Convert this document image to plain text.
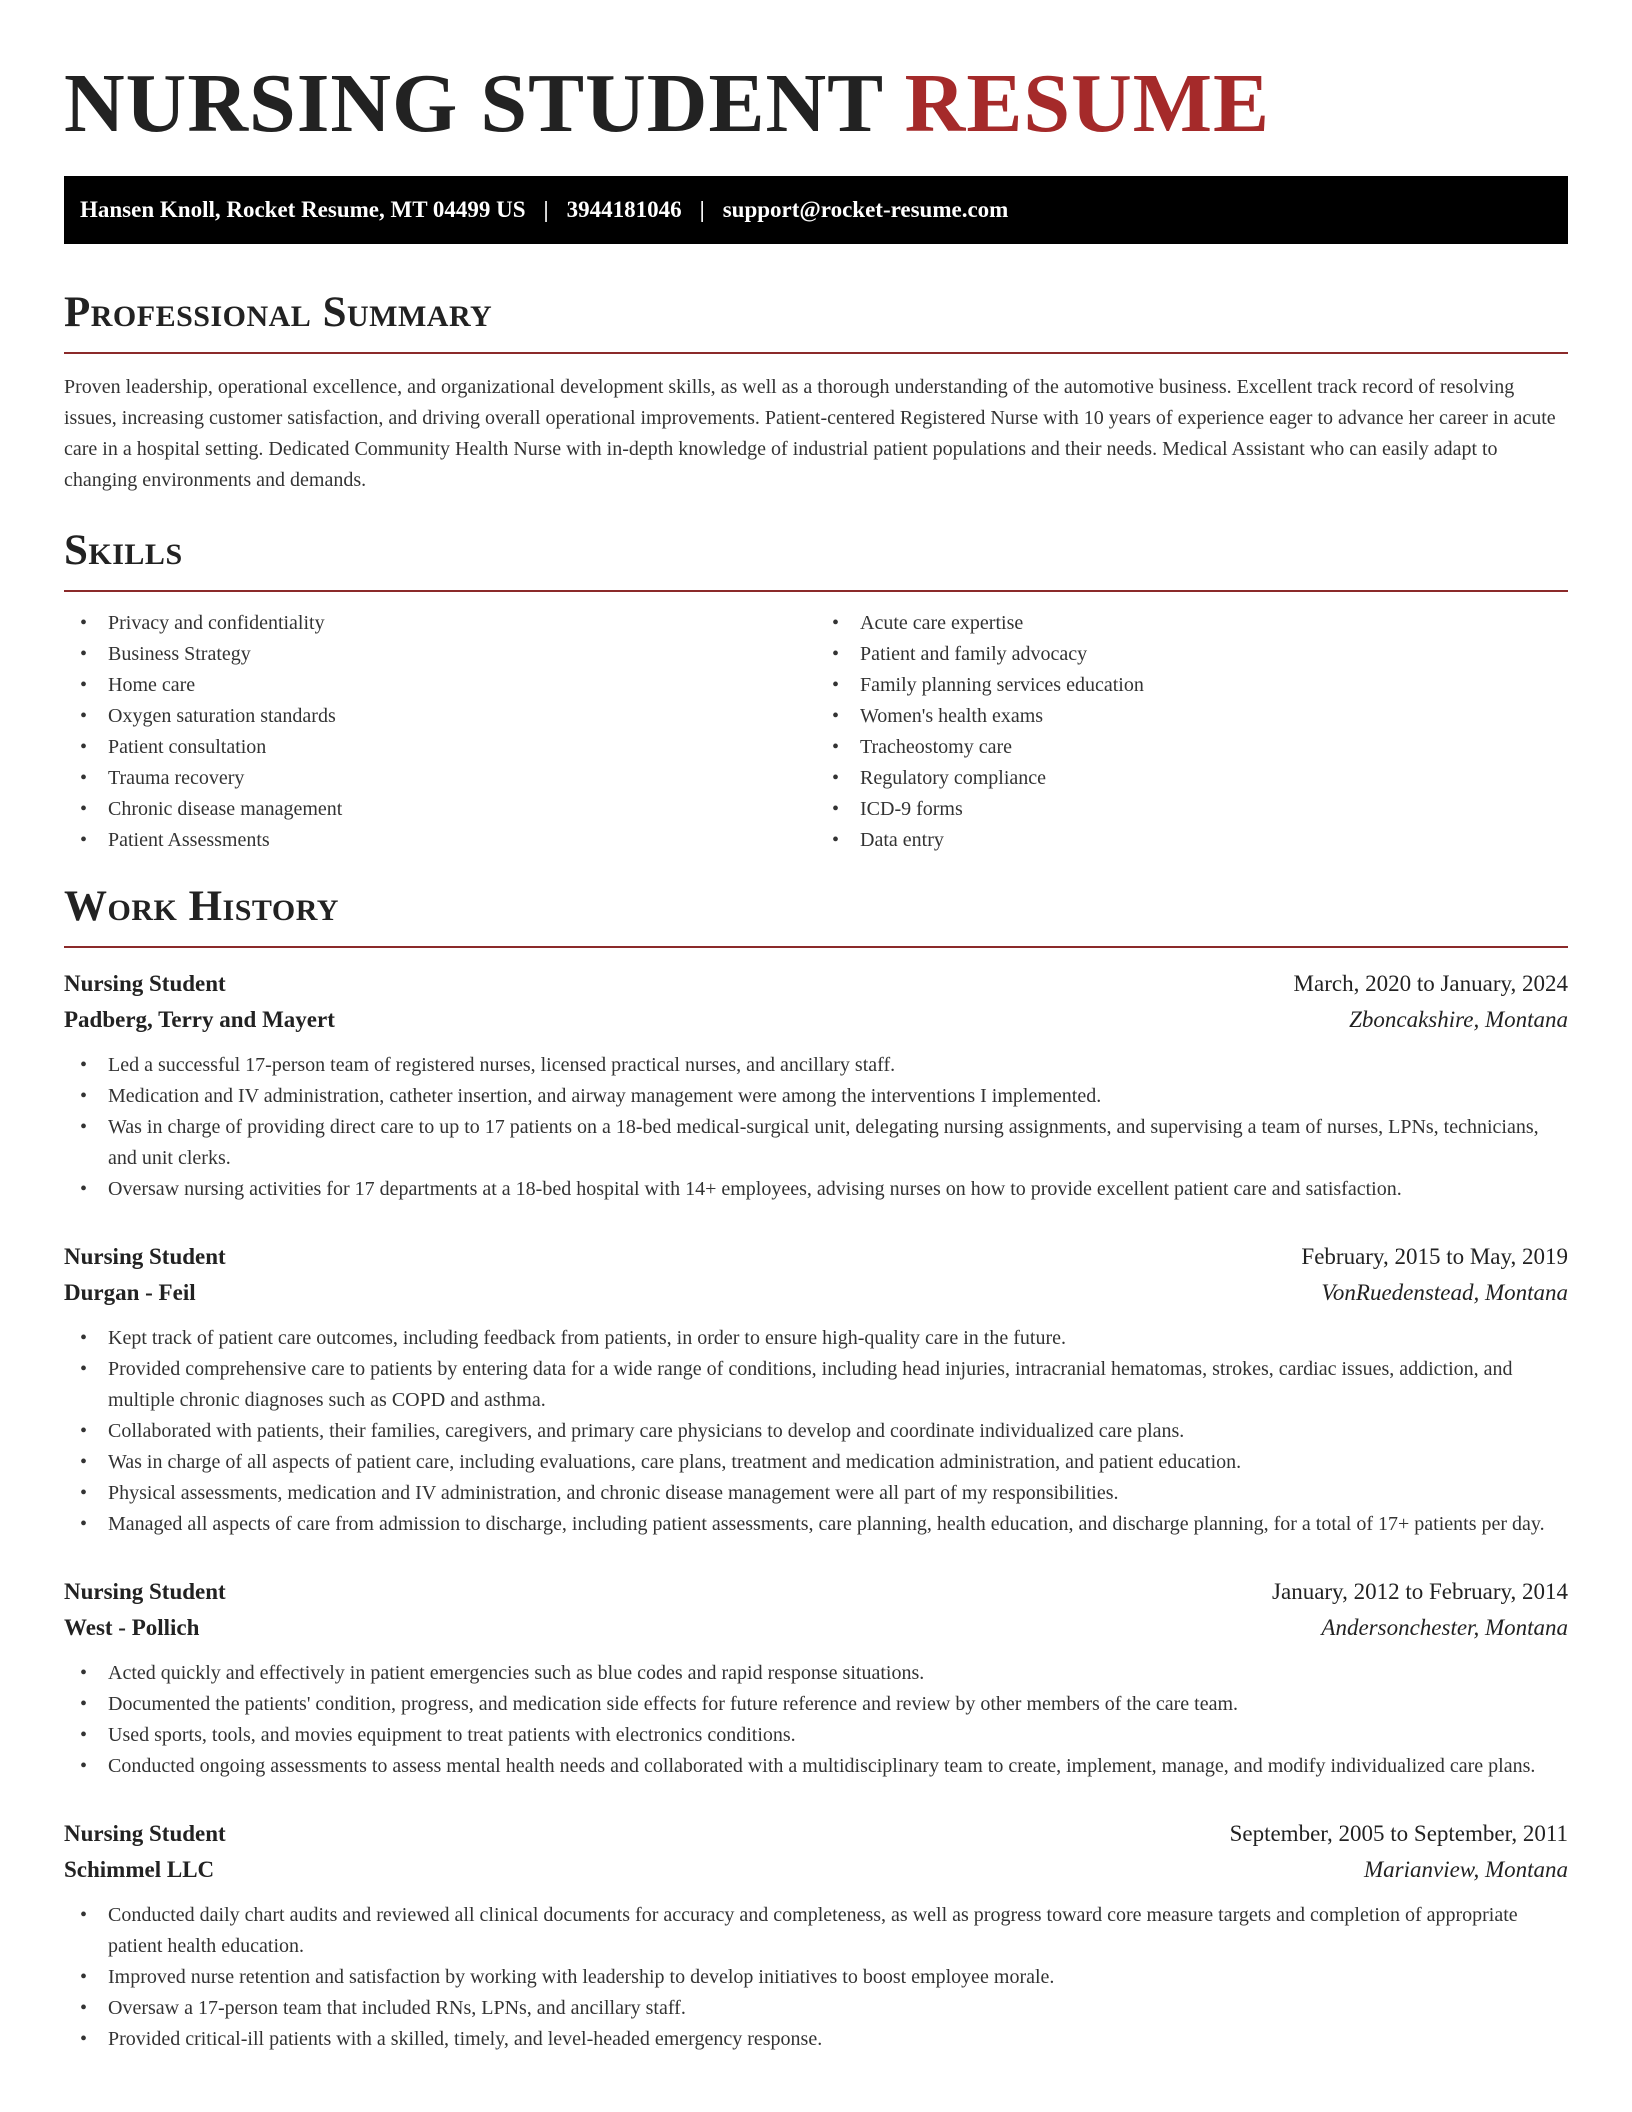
NURSING STUDENT RESUME
Hansen Knoll, Rocket Resume, MT 04499 US | 3944181046 | support@rocket-resume.com
Professional Summary

Proven leadership, operational excellence, and organizational development skills, as well as a thorough understanding of the automotive business. Excellent track record of resolving issues, increasing customer satisfaction, and driving overall operational improvements. Patient-centered Registered Nurse with 10 years of experience eager to advance her career in acute care in a hospital setting. Dedicated Community Health Nurse with in-depth knowledge of industrial patient populations and their needs. Medical Assistant who can easily adapt to changing environments and demands.

Skills
• Privacy and confidentiality
• Business Strategy
• Home care
• Oxygen saturation standards
• Patient consultation
• Trauma recovery
• Chronic disease management
• Patient Assessments
• Acute care expertise
• Patient and family advocacy
• Family planning services education
• Women's health exams
• Tracheostomy care
• Regulatory compliance
• ICD-9 forms
• Data entry
Work History
Nursing Student	March, 2020 to January, 2024
Padberg, Terry and Mayert	Zboncakshire, Montana
• Led a successful 17-person team of registered nurses, licensed practical nurses, and ancillary staff.
• Medication and IV administration, catheter insertion, and airway management were among the interventions I implemented.
• Was in charge of providing direct care to up to 17 patients on a 18-bed medical-surgical unit, delegating nursing assignments, and supervising a team of nurses, LPNs, technicians, and unit clerks.
• Oversaw nursing activities for 17 departments at a 18-bed hospital with 14+ employees, advising nurses on how to provide excellent patient care and satisfaction.
Nursing Student	February, 2015 to May, 2019
Durgan - Feil	VonRuedenstead, Montana
• Kept track of patient care outcomes, including feedback from patients, in order to ensure high-quality care in the future.
• Provided comprehensive care to patients by entering data for a wide range of conditions, including head injuries, intracranial hematomas, strokes, cardiac issues, addiction, and multiple chronic diagnoses such as COPD and asthma.
• Collaborated with patients, their families, caregivers, and primary care physicians to develop and coordinate individualized care plans.
• Was in charge of all aspects of patient care, including evaluations, care plans, treatment and medication administration, and patient education.
• Physical assessments, medication and IV administration, and chronic disease management were all part of my responsibilities.
• Managed all aspects of care from admission to discharge, including patient assessments, care planning, health education, and discharge planning, for a total of 17+ patients per day.
Nursing Student	January, 2012 to February, 2014
West - Pollich	Andersonchester, Montana
• Acted quickly and effectively in patient emergencies such as blue codes and rapid response situations.
• Documented the patients' condition, progress, and medication side effects for future reference and review by other members of the care team.
• Used sports, tools, and movies equipment to treat patients with electronics conditions.
• Conducted ongoing assessments to assess mental health needs and collaborated with a multidisciplinary team to create, implement, manage, and modify individualized care plans.
Nursing Student	September, 2005 to September, 2011
Schimmel LLC	Marianview, Montana
• Conducted daily chart audits and reviewed all clinical documents for accuracy and completeness, as well as progress toward core measure targets and completion of appropriate patient health education.
• Improved nurse retention and satisfaction by working with leadership to develop initiatives to boost employee morale.
• Oversaw a 17-person team that included RNs, LPNs, and ancillary staff.
• Provided critical-ill patients with a skilled, timely, and level-headed emergency response.
